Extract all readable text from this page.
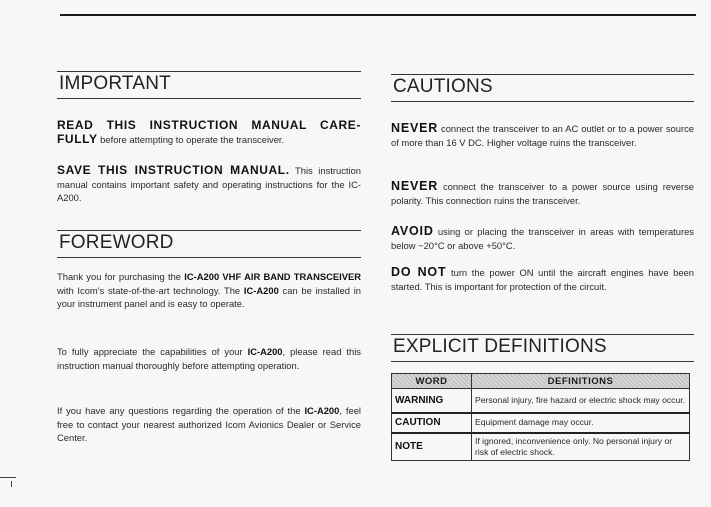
IMPORTANT
READ THIS INSTRUCTION MANUAL CARE-FULLY before attempting to operate the transceiver.
SAVE THIS INSTRUCTION MANUAL. This instruction manual contains important safety and operating instructions for the IC-A200.
FOREWORD
Thank you for purchasing the IC-A200 VHF AIR BAND TRANSCEIVER with Icom's state-of-the-art technology. The IC-A200 can be installed in your instrument panel and is easy to operate.
To fully appreciate the capabilities of your IC-A200, please read this instruction manual thoroughly before attempting operation.
If you have any questions regarding the operation of the IC-A200, feel free to contact your nearest authorized Icom Avionics Dealer or Service Center.
CAUTIONS
NEVER connect the transceiver to an AC outlet or to a power source of more than 16 V DC. Higher voltage ruins the transceiver.
NEVER connect the transceiver to a power source using reverse polarity. This connection ruins the transceiver.
AVOID using or placing the transceiver in areas with temperatures below −20°C or above +50°C.
DO NOT turn the power ON until the aircraft engines have been started. This is important for protection of the circuit.
EXPLICIT DEFINITIONS
WORD	DEFINITIONS
WARNING	Personal injury, fire hazard or electric shock may occur.
CAUTION	Equipment damage may occur.
NOTE	If ignored, inconvenience only. No personal injury or risk of electric shock.
